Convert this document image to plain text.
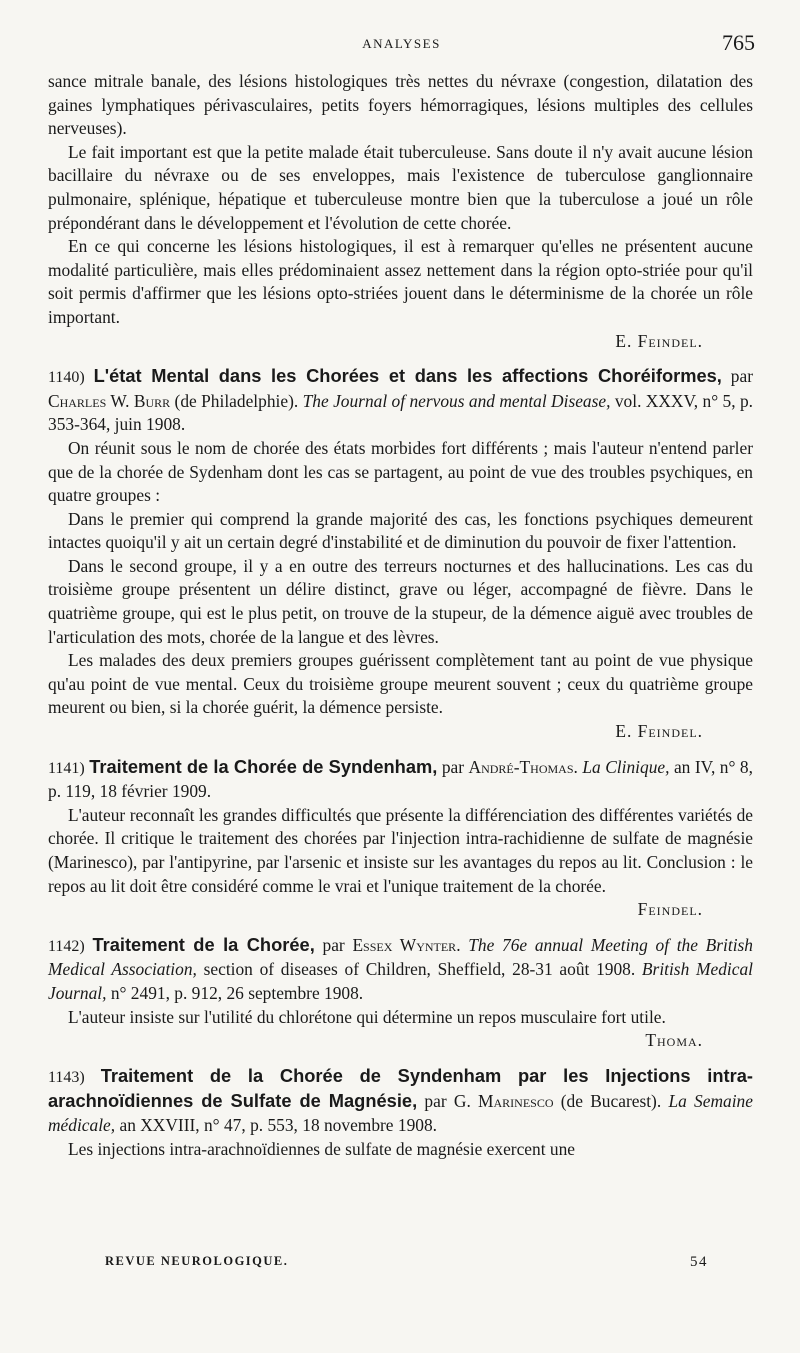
ANALYSES	765

sance mitrale banale, des lésions histologiques très nettes du névraxe (congestion, dilatation des gaines lymphatiques périvasculaires, petits foyers hémorragiques, lésions multiples des cellules nerveuses).

Le fait important est que la petite malade était tuberculeuse. Sans doute il n'y avait aucune lésion bacillaire du névraxe ou de ses enveloppes, mais l'existence de tuberculose ganglionnaire pulmonaire, splénique, hépatique et tuberculeuse montre bien que la tuberculose a joué un rôle prépondérant dans le développement et l'évolution de cette chorée.

En ce qui concerne les lésions histologiques, il est à remarquer qu'elles ne présentent aucune modalité particulière, mais elles prédominaient assez nettement dans la région opto-striée pour qu'il soit permis d'affirmer que les lésions opto-striées jouent dans le déterminisme de la chorée un rôle important.

E. Feindel.

1140) L'état Mental dans les Chorées et dans les affections Choréiformes, par Charles W. Burr (de Philadelphie). The Journal of nervous and mental Disease, vol. XXXV, n° 5, p. 353-364, juin 1908.

On réunit sous le nom de chorée des états morbides fort différents ; mais l'auteur n'entend parler que de la chorée de Sydenham dont les cas se partagent, au point de vue des troubles psychiques, en quatre groupes :

Dans le premier qui comprend la grande majorité des cas, les fonctions psychiques demeurent intactes quoiqu'il y ait un certain degré d'instabilité et de diminution du pouvoir de fixer l'attention.

Dans le second groupe, il y a en outre des terreurs nocturnes et des hallucinations. Les cas du troisième groupe présentent un délire distinct, grave ou léger, accompagné de fièvre. Dans le quatrième groupe, qui est le plus petit, on trouve de la stupeur, de la démence aiguë avec troubles de l'articulation des mots, chorée de la langue et des lèvres.

Les malades des deux premiers groupes guérissent complètement tant au point de vue physique qu'au point de vue mental. Ceux du troisième groupe meurent souvent ; ceux du quatrième groupe meurent ou bien, si la chorée guérit, la démence persiste.

E. Feindel.

1141) Traitement de la Chorée de Syndenham, par André-Thomas. La Clinique, an IV, n° 8, p. 119, 18 février 1909.

L'auteur reconnaît les grandes difficultés que présente la différenciation des différentes variétés de chorée. Il critique le traitement des chorées par l'injection intra-rachidienne de sulfate de magnésie (Marinesco), par l'antipyrine, par l'arsenic et insiste sur les avantages du repos au lit. Conclusion : le repos au lit doit être considéré comme le vrai et l'unique traitement de la chorée.

Feindel.

1142) Traitement de la Chorée, par Essex Wynter. The 76e annual Meeting of the British Medical Association, section of diseases of Children, Sheffield, 28-31 août 1908. British Medical Journal, n° 2491, p. 912, 26 septembre 1908.

L'auteur insiste sur l'utilité du chlorétone qui détermine un repos musculaire fort utile.

Thoma.

1143) Traitement de la Chorée de Syndenham par les Injections intra-arachnoïdiennes de Sulfate de Magnésie, par G. Marinesco (de Bucarest). La Semaine médicale, an XXVIII, n° 47, p. 553, 18 novembre 1908.

Les injections intra-arachnoïdiennes de sulfate de magnésie exercent une

REVUE NEUROLOGIQUE.	54
